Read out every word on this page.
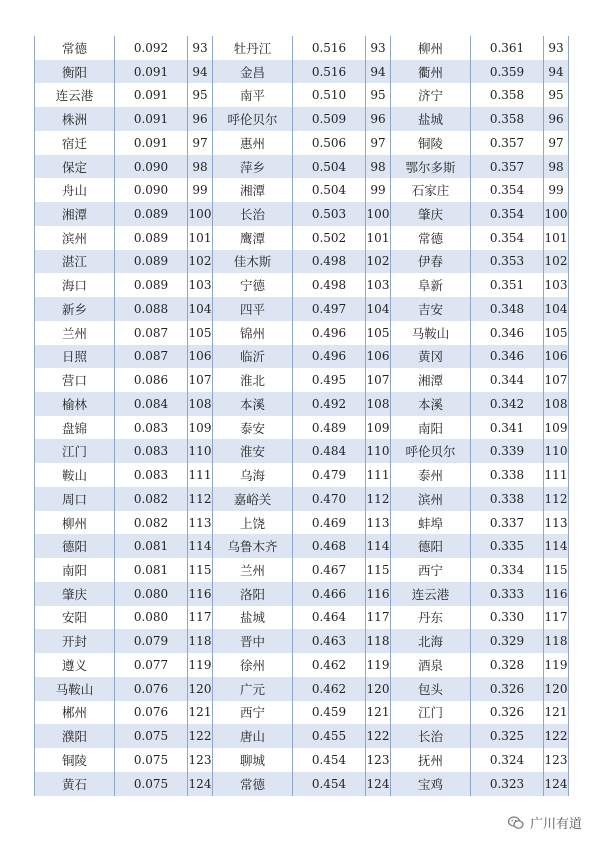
常德	0.092	93	牡丹江	0.516	93	柳州	0.361	93
衡阳	0.091	94	金昌	0.516	94	衢州	0.359	94
连云港	0.091	95	南平	0.510	95	济宁	0.358	95
株洲	0.091	96	呼伦贝尔	0.509	96	盐城	0.358	96
宿迁	0.091	97	惠州	0.506	97	铜陵	0.357	97
保定	0.090	98	萍乡	0.504	98	鄂尔多斯	0.357	98
舟山	0.090	99	湘潭	0.504	99	石家庄	0.354	99
湘潭	0.089	100	长治	0.503	100	肇庆	0.354	100
滨州	0.089	101	鹰潭	0.502	101	常德	0.354	101
湛江	0.089	102	佳木斯	0.498	102	伊春	0.353	102
海口	0.089	103	宁德	0.498	103	阜新	0.351	103
新乡	0.088	104	四平	0.497	104	吉安	0.348	104
兰州	0.087	105	锦州	0.496	105	马鞍山	0.346	105
日照	0.087	106	临沂	0.496	106	黄冈	0.346	106
营口	0.086	107	淮北	0.495	107	湘潭	0.344	107
榆林	0.084	108	本溪	0.492	108	本溪	0.342	108
盘锦	0.083	109	泰安	0.489	109	南阳	0.341	109
江门	0.083	110	淮安	0.484	110	呼伦贝尔	0.339	110
鞍山	0.083	111	乌海	0.479	111	泰州	0.338	111
周口	0.082	112	嘉峪关	0.470	112	滨州	0.338	112
柳州	0.082	113	上饶	0.469	113	蚌埠	0.337	113
德阳	0.081	114	乌鲁木齐	0.468	114	德阳	0.335	114
南阳	0.081	115	兰州	0.467	115	西宁	0.334	115
肇庆	0.080	116	洛阳	0.466	116	连云港	0.333	116
安阳	0.080	117	盐城	0.464	117	丹东	0.330	117
开封	0.079	118	晋中	0.463	118	北海	0.329	118
遵义	0.077	119	徐州	0.462	119	酒泉	0.328	119
马鞍山	0.076	120	广元	0.462	120	包头	0.326	120
郴州	0.076	121	西宁	0.459	121	江门	0.326	121
濮阳	0.075	122	唐山	0.455	122	长治	0.325	122
铜陵	0.075	123	聊城	0.454	123	抚州	0.324	123
黄石	0.075	124	常德	0.454	124	宝鸡	0.323	124
广川有道
